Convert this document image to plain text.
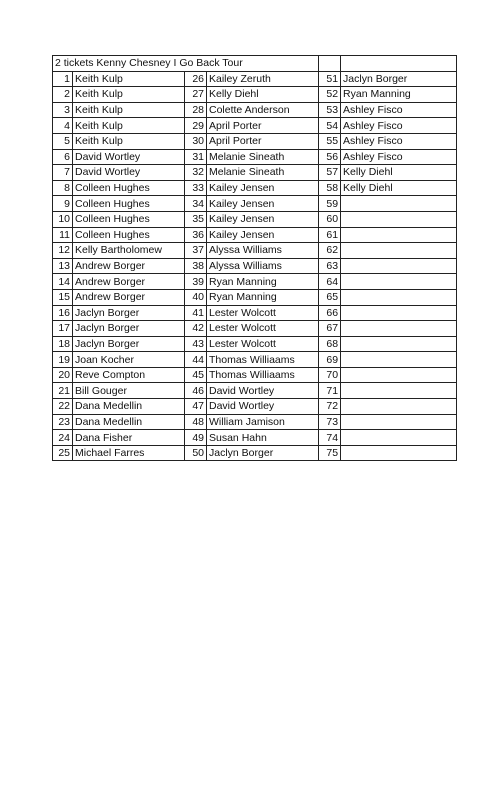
2 tickets Kenny Chesney I Go Back Tour					
1	Keith Kulp	26	Kailey Zeruth	51	Jaclyn Borger
2	Keith Kulp	27	Kelly Diehl	52	Ryan Manning
3	Keith Kulp	28	Colette Anderson	53	Ashley Fisco
4	Keith Kulp	29	April Porter	54	Ashley Fisco
5	Keith Kulp	30	April Porter	55	Ashley Fisco
6	David Wortley	31	Melanie Sineath	56	Ashley Fisco
7	David Wortley	32	Melanie Sineath	57	Kelly Diehl
8	Colleen Hughes	33	Kailey Jensen	58	Kelly Diehl
9	Colleen Hughes	34	Kailey Jensen	59	
10	Colleen Hughes	35	Kailey Jensen	60	
11	Colleen Hughes	36	Kailey Jensen	61	
12	Kelly Bartholomew	37	Alyssa Williams	62	
13	Andrew Borger	38	Alyssa Williams	63	
14	Andrew Borger	39	Ryan Manning	64	
15	Andrew Borger	40	Ryan Manning	65	
16	Jaclyn Borger	41	Lester Wolcott	66	
17	Jaclyn Borger	42	Lester Wolcott	67	
18	Jaclyn Borger	43	Lester Wolcott	68	
19	Joan Kocher	44	Thomas Williaams	69	
20	Reve Compton	45	Thomas Williaams	70	
21	Bill Gouger	46	David Wortley	71	
22	Dana Medellin	47	David Wortley	72	
23	Dana Medellin	48	William Jamison	73	
24	Dana Fisher	49	Susan Hahn	74	
25	Michael Farres	50	Jaclyn Borger	75	
